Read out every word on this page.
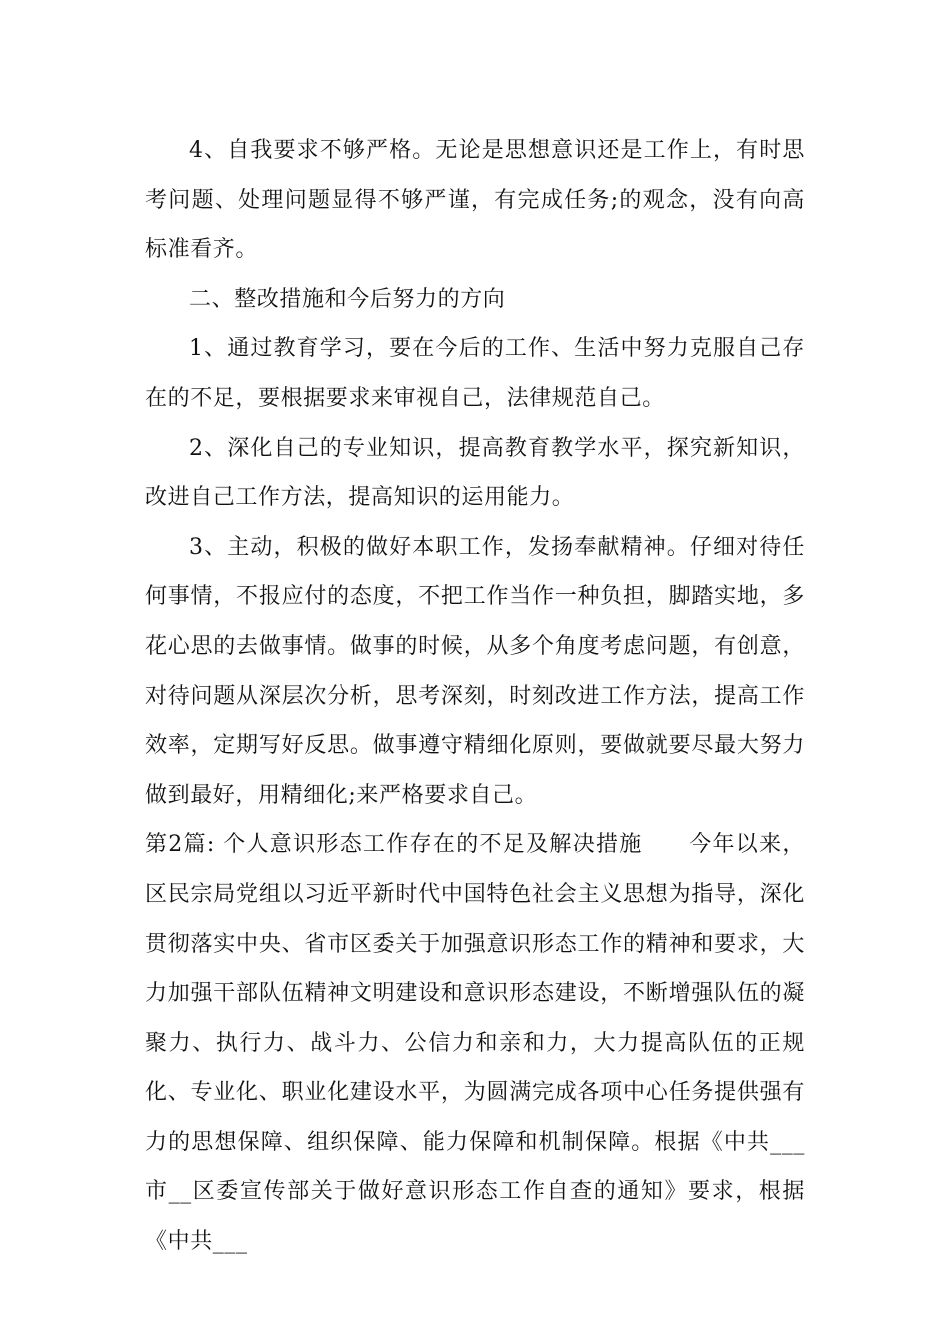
4、自我要求不够严格。无论是思想意识还是工作上，有时思考问题、处理问题显得不够严谨，有完成任务;的观念，没有向高标准看齐。

二、整改措施和今后努力的方向

1、通过教育学习，要在今后的工作、生活中努力克服自己存在的不足，要根据要求来审视自己，法律规范自己。

2、深化自己的专业知识，提高教育教学水平，探究新知识，改进自己工作方法，提高知识的运用能力。

3、主动，积极的做好本职工作，发扬奉献精神。仔细对待任何事情，不报应付的态度，不把工作当作一种负担，脚踏实地，多花心思的去做事情。做事的时候，从多个角度考虑问题，有创意，对待问题从深层次分析，思考深刻，时刻改进工作方法，提高工作效率，定期写好反思。做事遵守精细化原则，要做就要尽最大努力做到最好，用精细化;来严格要求自己。

第2篇: 个人意识形态工作存在的不足及解决措施　　今年以来，区民宗局党组以习近平新时代中国特色社会主义思想为指导，深化贯彻落实中央、省市区委关于加强意识形态工作的精神和要求，大力加强干部队伍精神文明建设和意识形态建设，不断增强队伍的凝聚力、执行力、战斗力、公信力和亲和力，大力提高队伍的正规化、专业化、职业化建设水平，为圆满完成各项中心任务提供强有力的思想保障、组织保障、能力保障和机制保障。根据《中共___市__区委宣传部关于做好意识形态工作自查的通知》要求，根据《中共___
